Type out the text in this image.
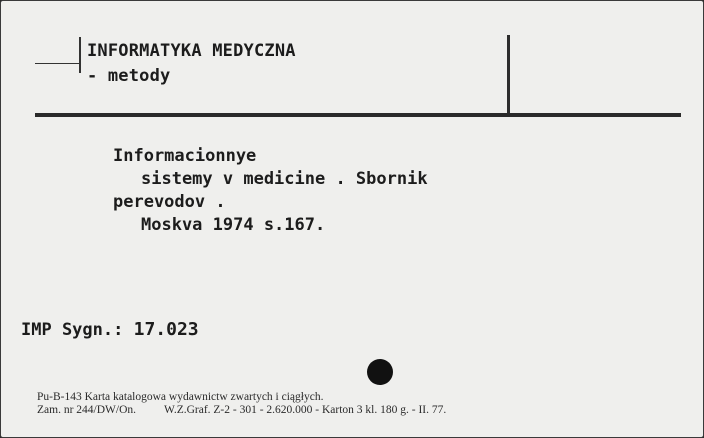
INFORMATYKA MEDYCZNA
- metody
Informacionnye
sistemy v medicine . Sbornik
perevodov .
Moskva 1974 s.167.
IMP Sygn.: 17.023
Pu-B-143 Karta katalogowa wydawnictw zwartych i ciągłych.
Zam. nr 244/DW/On. W.Z.Graf. Z-2 - 301 - 2.620.000 - Karton 3 kl. 180 g. - II. 77.
